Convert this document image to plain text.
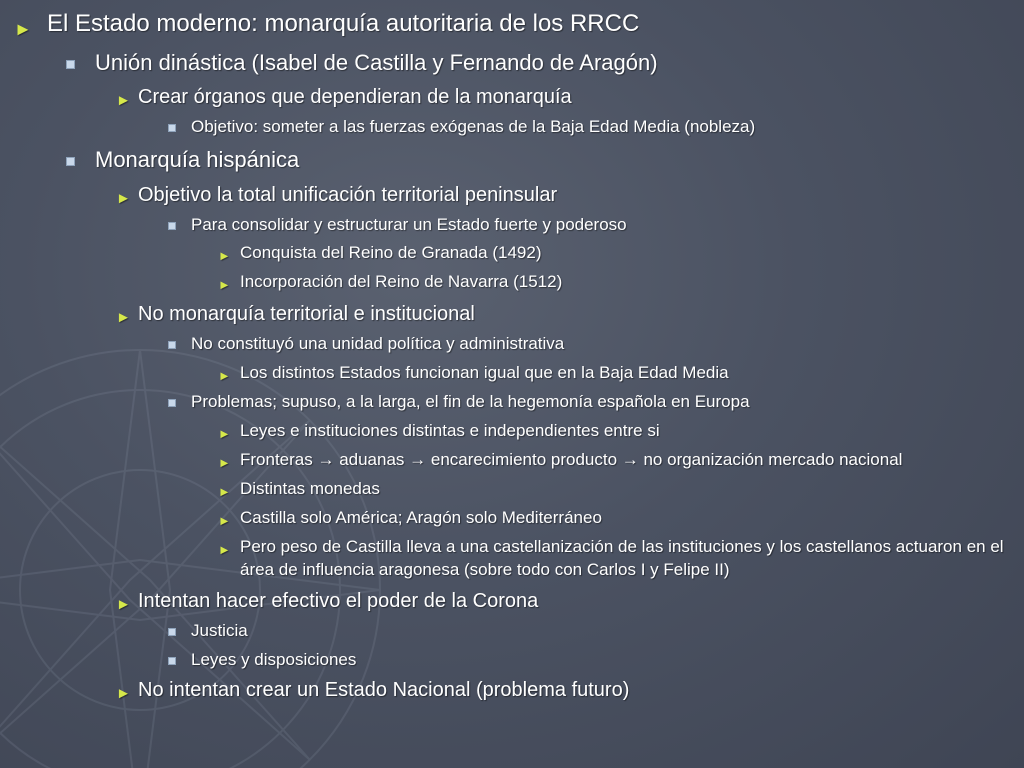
► El Estado moderno: monarquía autoritaria de los RRCC
Unión dinástica (Isabel de Castilla y Fernando de Aragón)
► Crear órganos que dependieran de la monarquía
Objetivo: someter a las fuerzas exógenas de la Baja Edad Media (nobleza)
Monarquía hispánica
► Objetivo la total unificación territorial peninsular
Para consolidar y estructurar un Estado fuerte y poderoso
► Conquista del Reino de Granada (1492)
► Incorporación del Reino de Navarra (1512)
► No monarquía territorial e institucional
No constituyó una unidad política y administrativa
► Los distintos Estados funcionan igual que en la Baja Edad Media
Problemas; supuso, a la larga, el fin de la hegemonía española en Europa
► Leyes e instituciones distintas e independientes entre si
► Fronteras → aduanas → encarecimiento producto → no organización mercado nacional
► Distintas monedas
► Castilla solo América; Aragón solo Mediterráneo
► Pero peso de Castilla lleva a una castellanización de las instituciones y los castellanos actuaron en el área de influencia aragonesa (sobre todo con Carlos I y Felipe II)
► Intentan hacer efectivo el poder de la Corona
Justicia
Leyes y disposiciones
► No intentan crear un Estado Nacional (problema futuro)
